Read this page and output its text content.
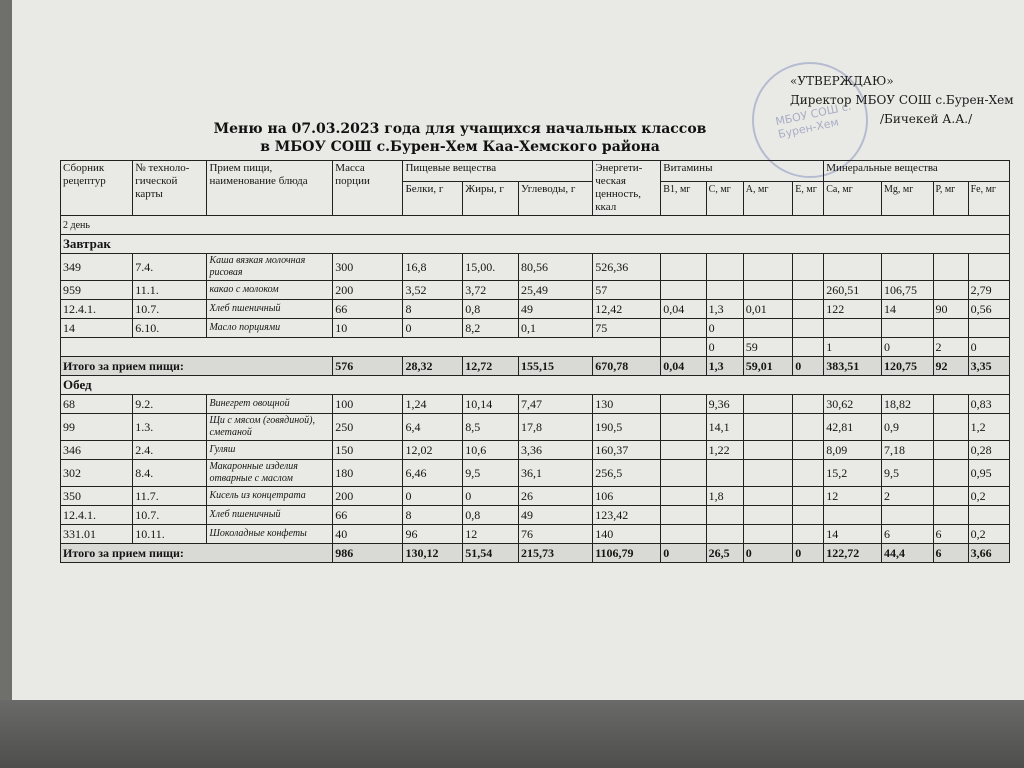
МБОУ СОШ с. Бурен-Хем
«УТВЕРЖДАЮ»
Директор МБОУ СОШ с.Бурен-Хем
/Бичекей А.А./
Меню на 07.03.2023 года для учащихся начальных классов
в МБОУ СОШ с.Бурен-Хем Каа-Хемского района
Сборник рецептур	№ техноло-гической карты	Прием пищи, наименование блюда	Масса порции	Пищевые вещества			Энергети-ческая ценность, ккал	Витамины				Минеральные вещества			
				Белки, г	Жиры, г	Углеводы, г		В1, мг	С, мг	А, мг	Е, мг	Са, мг	Mg, мг	Р, мг	Fe, мг
2 день															
Завтрак															
349	7.4.	Каша вязкая молочная рисовая	300	16,8	15,00.	80,56	526,36								
959	11.1.	какао с молоком	200	3,52	3,72	25,49	57					260,51	106,75		2,79
12.4.1.	10.7.	Хлеб пшеничный	66	8	0,8	49	12,42	0,04	1,3	0,01		122	14	90	0,56
14	6.10.	Масло порциями	10	0	8,2	0,1	75		0						
									0	59		1	0	2	0
Итого за прием пищи:			576	28,32	12,72	155,15	670,78	0,04	1,3	59,01	0	383,51	120,75	92	3,35
Обед															
68	9.2.	Винегрет овощной	100	1,24	10,14	7,47	130		9,36			30,62	18,82		0,83
99	1.3.	Щи с мясом (говядиной), сметаной	250	6,4	8,5	17,8	190,5		14,1			42,81	0,9		1,2
346	2.4.	Гуляш	150	12,02	10,6	3,36	160,37		1,22			8,09	7,18		0,28
302	8.4.	Макаронные изделия отварные с маслом	180	6,46	9,5	36,1	256,5					15,2	9,5		0,95
350	11.7.	Кисель из концетрата	200	0	0	26	106		1,8			12	2		0,2
12.4.1.	10.7.	Хлеб пшеничный	66	8	0,8	49	123,42								
331.01	10.11.	Шоколадные конфеты	40	96	12	76	140					14	6	6	0,2
Итого за прием пищи:			986	130,12	51,54	215,73	1106,79	0	26,5	0	0	122,72	44,4	6	3,66
